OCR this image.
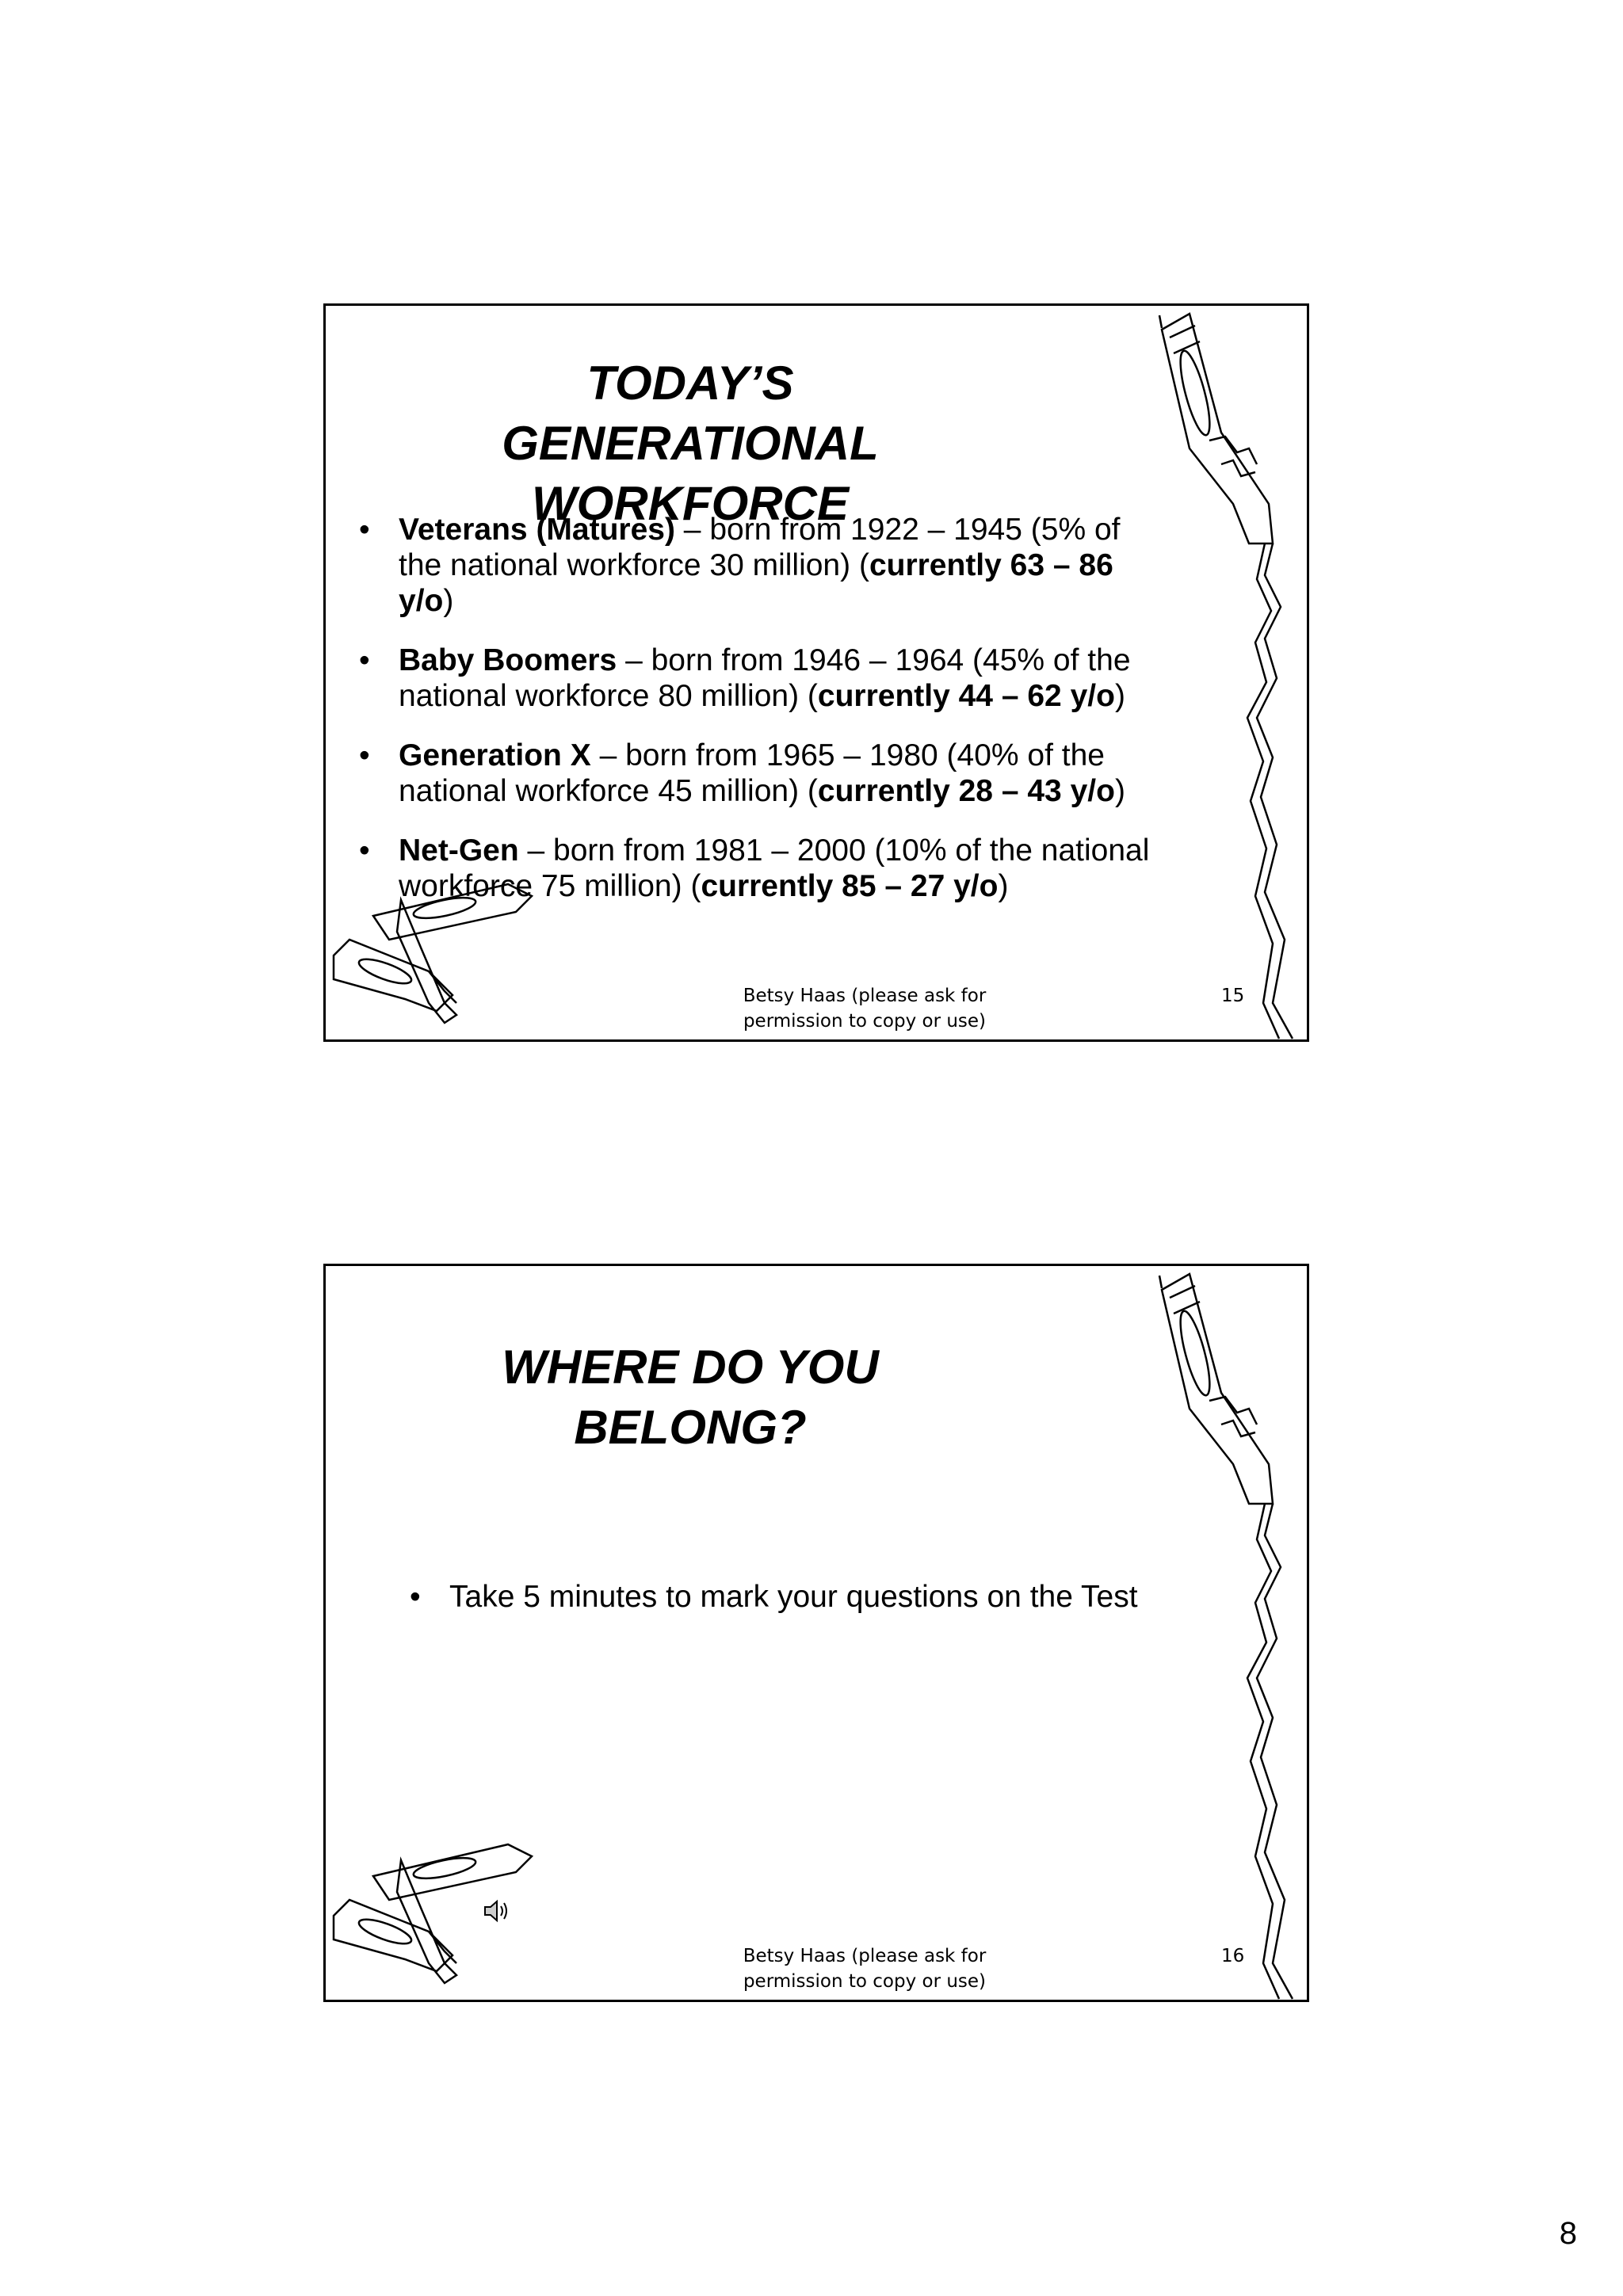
TODAY’S GENERATIONAL
WORKFORCE
• Veterans (Matures) – born from 1922 – 1945 (5% of the national workforce 30 million) (currently 63 – 86 y/o)
• Baby Boomers – born from 1946 – 1964 (45% of the national workforce 80 million) (currently 44 – 62 y/o)
• Generation X – born from 1965 – 1980 (40% of the national workforce 45 million) (currently 28 – 43 y/o)
• Net-Gen – born from 1981 – 2000 (10% of the national workforce 75 million) (currently 85 – 27 y/o)
Betsy Haas (please ask for
permission to copy or use)
15
WHERE DO YOU BELONG?
• Take 5 minutes to mark your questions on the Test
Betsy Haas (please ask for
permission to copy or use)
16
8
